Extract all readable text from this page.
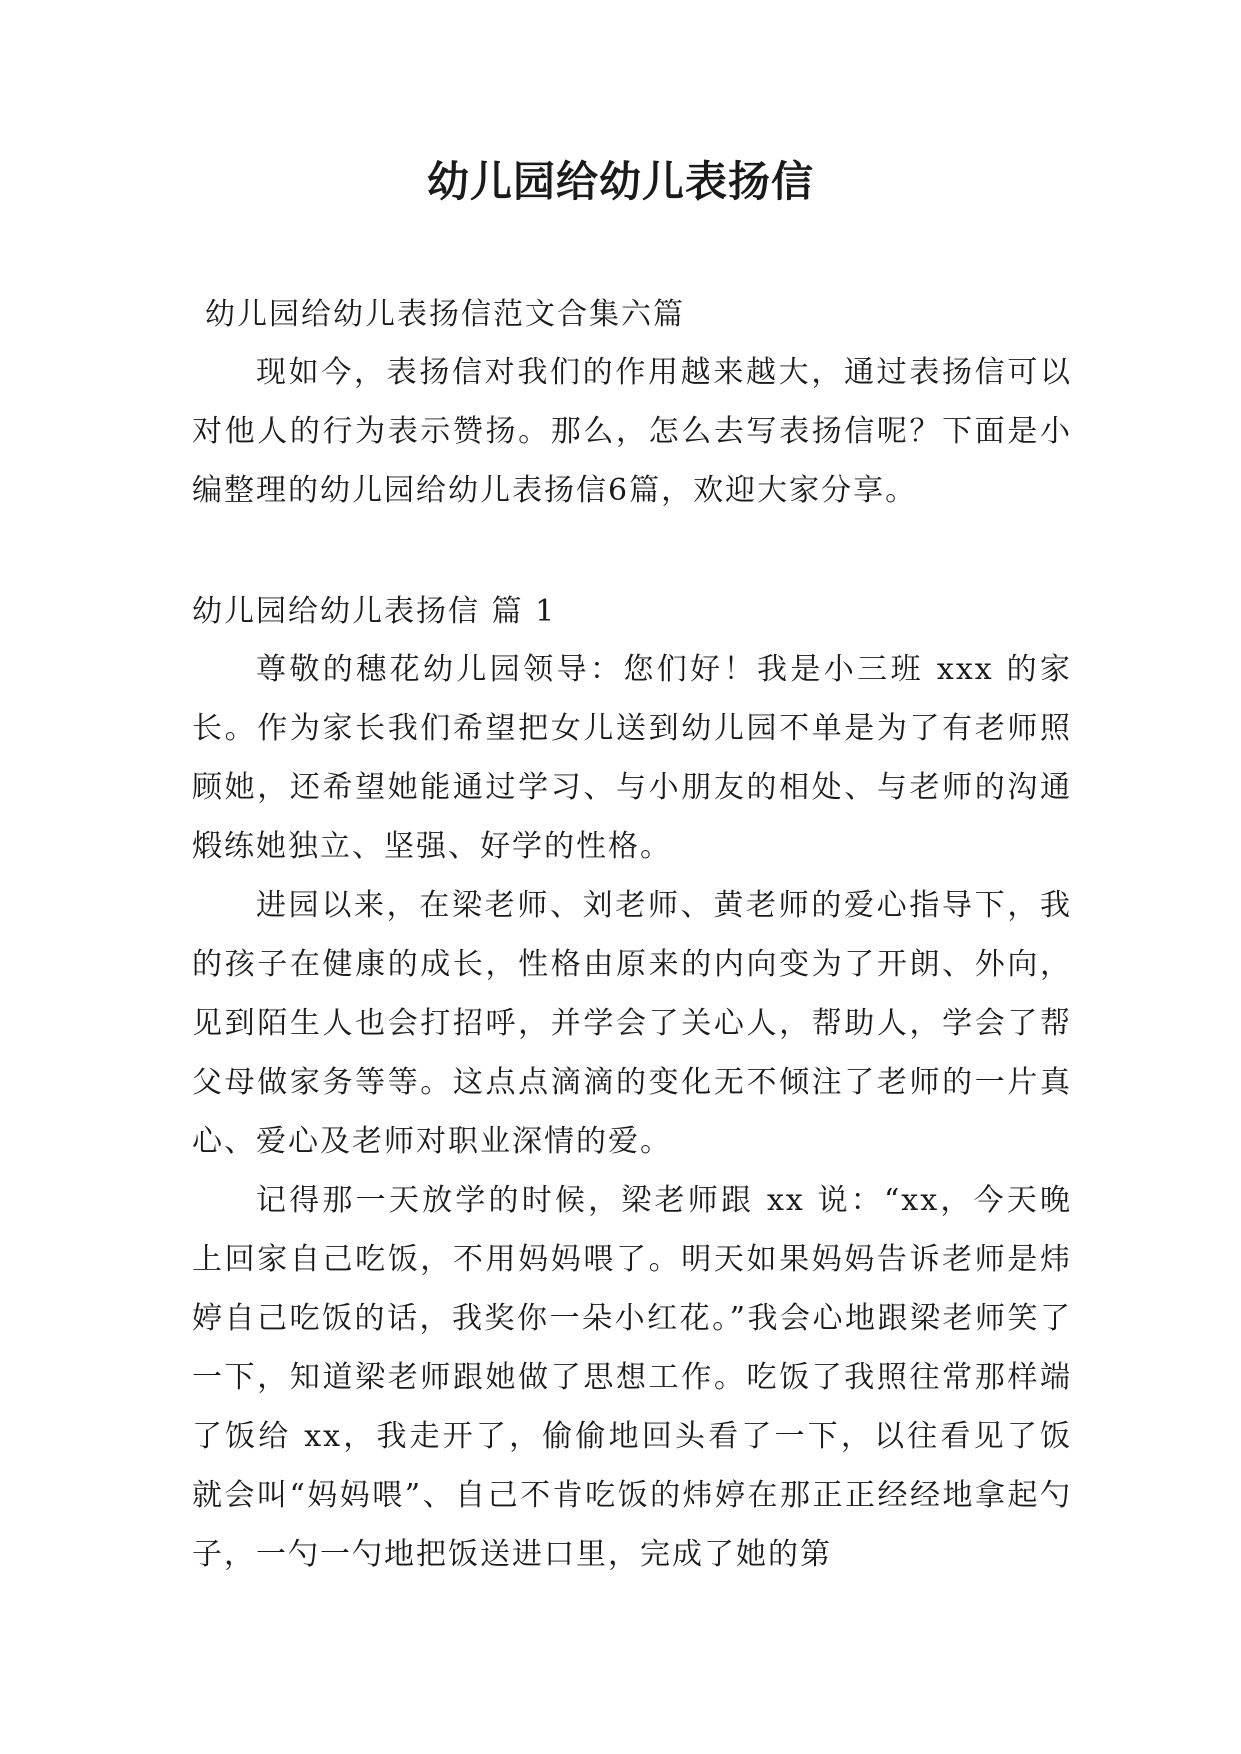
幼儿园给幼儿表扬信
幼儿园给幼儿表扬信范文合集六篇

现如今，表扬信对我们的作用越来越大，通过表扬信可以对他人的行为表示赞扬。那么，怎么去写表扬信呢？下面是小编整理的幼儿园给幼儿表扬信6篇，欢迎大家分享。

幼儿园给幼儿表扬信 篇 1

尊敬的穗花幼儿园领导：您们好！我是小三班 xxx 的家长。作为家长我们希望把女儿送到幼儿园不单是为了有老师照顾她，还希望她能通过学习、与小朋友的相处、与老师的沟通煅练她独立、坚强、好学的性格。

进园以来，在梁老师、刘老师、黄老师的爱心指导下，我的孩子在健康的成长，性格由原来的内向变为了开朗、外向，见到陌生人也会打招呼，并学会了关心人，帮助人，学会了帮父母做家务等等。这点点滴滴的变化无不倾注了老师的一片真心、爱心及老师对职业深情的爱。

记得那一天放学的时候，梁老师跟 xx 说：“xx，今天晚上回家自己吃饭，不用妈妈喂了。明天如果妈妈告诉老师是炜婷自己吃饭的话，我奖你一朵小红花。”我会心地跟梁老师笑了一下，知道梁老师跟她做了思想工作。吃饭了我照往常那样端了饭给 xx，我走开了，偷偷地回头看了一下，以往看见了饭就会叫“妈妈喂”、自己不肯吃饭的炜婷在那正正经经地拿起勺子，一勺一勺地把饭送进口里，完成了她的第
